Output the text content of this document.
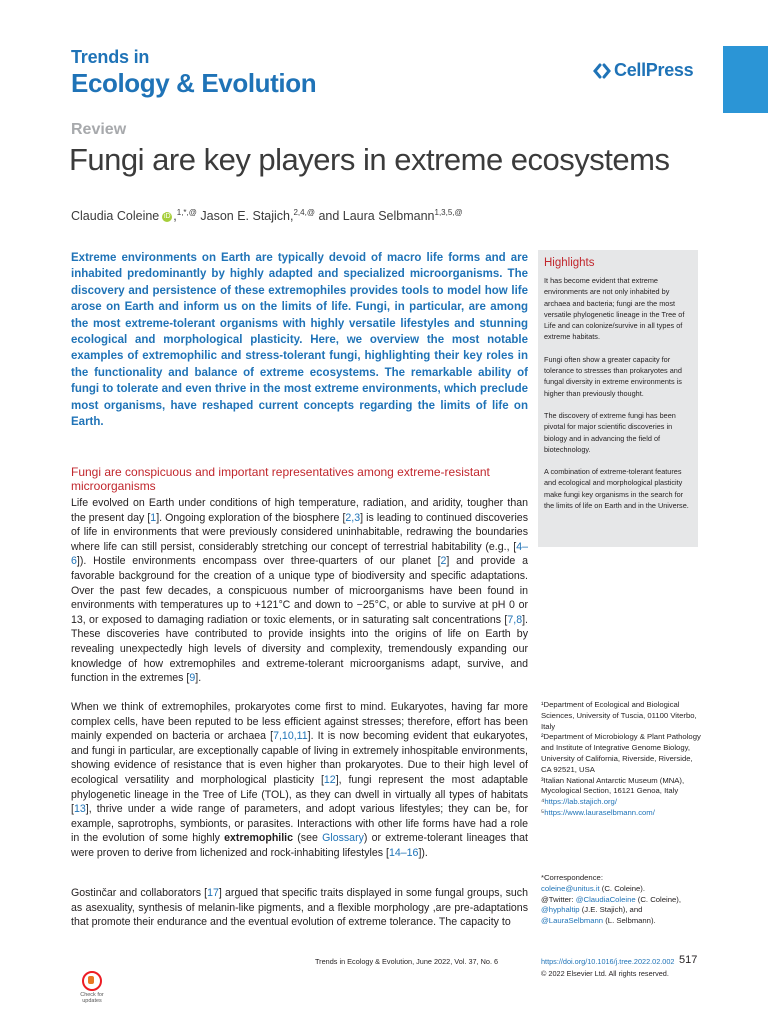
Trends in
Ecology & Evolution	CellPress
Review
Fungi are key players in extreme ecosystems
Claudia Coleine iD ,$^{1,*,@}$ Jason E. Stajich,$^{2,4,@}$ and Laura Selbmann$^{1,3,5,@}$
Extreme environments on Earth are typically devoid of macro life forms and are inhabited predominantly by highly adapted and specialized microorganisms. The discovery and persistence of these extremophiles provides tools to model how life arose on Earth and inform us on the limits of life. Fungi, in particular, are among the most extreme-tolerant organisms with highly versatile lifestyles and stunning ecological and morphological plasticity. Here, we overview the most notable examples of extremophilic and stress-tolerant fungi, highlighting their key roles in the functionality and balance of extreme ecosystems. The remarkable ability of fungi to tolerate and even thrive in the most extreme environments, which preclude most organisms, have reshaped current concepts regarding the limits of life on Earth.
Highlights
It has become evident that extreme environments are not only inhabited by archaea and bacteria; fungi are the most versatile phylogenetic lineage in the Tree of Life and can colonize/survive in all types of extreme habitats.
Fungi often show a greater capacity for tolerance to stresses than prokaryotes and fungal diversity in extreme environments is higher than previously thought.
The discovery of extreme fungi has been pivotal for major scientific discoveries in biology and in advancing the field of biotechnology.
A combination of extreme-tolerant features and ecological and morphological plasticity make fungi key organisms in the search for the limits of life on Earth and in the Universe.
Fungi are conspicuous and important representatives among extreme-resistant microorganisms
Life evolved on Earth under conditions of high temperature, radiation, and aridity, tougher than the present day [1]. Ongoing exploration of the biosphere [2,3] is leading to continued discoveries of life in environments that were previously considered uninhabitable, redrawing the boundaries where life can still persist, considerably stretching our concept of terrestrial habitability (e.g., [4–6]). Hostile environments encompass over three-quarters of our planet [2] and provide a favorable background for the creation of a unique type of biodiversity and specific adaptations. Over the past few decades, a conspicuous number of microorganisms have been found in environments with temperatures up to +121°C and down to −25°C, or able to survive at pH 0 or 13, or exposed to damaging radiation or toxic elements, or in saturating salt concentrations [7,8]. These discoveries have contributed to provide insights into the origins of life on Earth by revealing unexpectedly high levels of diversity and complexity, tremendously expanding our knowledge of how extremophiles and extreme-tolerant microorganisms adapt, survive, and function in the extremes [9].
When we think of extremophiles, prokaryotes come first to mind. Eukaryotes, having far more complex cells, have been reputed to be less efficient against stresses; therefore, effort has been mainly expended on bacteria or archaea [7,10,11]. It is now becoming evident that eukaryotes, and fungi in particular, are exceptionally capable of living in extremely inhospitable environments, showing evidence of resistance that is even higher than prokaryotes. Due to their high level of ecological versatility and morphological plasticity [12], fungi represent the most adaptable phylogenetic lineage in the Tree of Life (TOL), as they can dwell in virtually all types of habitats [13], thrive under a wide range of parameters, and adopt various lifestyles; they can be, for example, saprotrophs, symbionts, or parasites. Interactions with other life forms have had a role in the evolution of some highly extremophilic (see Glossary) or extreme-tolerant lineages that were proven to derive from lichenized and rock-inhabiting lifestyles [14–16]).
Gostinčar and collaborators [17] argued that specific traits displayed in some fungal groups, such as asexuality, synthesis of melanin-like pigments, and a flexible morphology ,are pre-adaptations that promote their endurance and the eventual evolution of extreme tolerance. The capacity to
¹Department of Ecological and Biological Sciences, University of Tuscia, 01100 Viterbo, Italy
²Department of Microbiology & Plant Pathology and Institute of Integrative Genome Biology, University of California, Riverside, Riverside, CA 92521, USA
³Italian National Antarctic Museum (MNA), Mycological Section, 16121 Genoa, Italy
⁴https://lab.stajich.org/
⁵https://www.lauraselbmann.com/
*Correspondence:
coleine@unitus.it (C. Coleine).
@Twitter: @ClaudiaColeine (C. Coleine),
@hyphaltip (J.E. Stajich), and
@LauraSelbmann (L. Selbmann).
Check for
updates
Trends in Ecology & Evolution, June 2022, Vol. 37, No. 6	https://doi.org/10.1016/j.tree.2022.02.002 517
© 2022 Elsevier Ltd. All rights reserved.
